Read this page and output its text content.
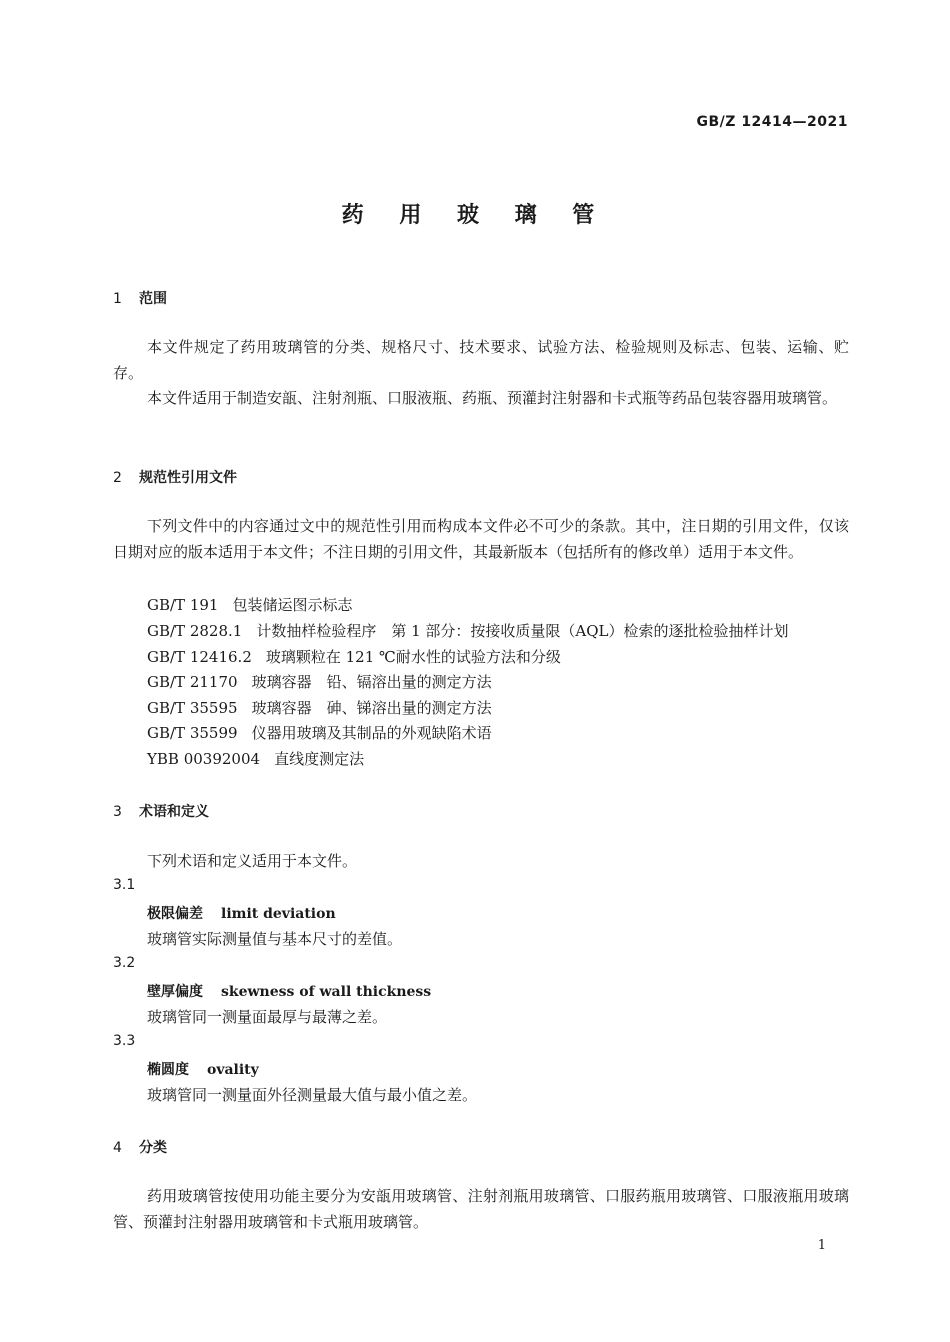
GB/Z 12414—2021
药 用 玻 璃 管
1 范围
本文件规定了药用玻璃管的分类、规格尺寸、技术要求、试验方法、检验规则及标志、包装、运输、贮存。
本文件适用于制造安瓿、注射剂瓶、口服液瓶、药瓶、预灌封注射器和卡式瓶等药品包装容器用玻璃管。
2 规范性引用文件
下列文件中的内容通过文中的规范性引用而构成本文件必不可少的条款。其中，注日期的引用文件，仅该日期对应的版本适用于本文件；不注日期的引用文件，其最新版本（包括所有的修改单）适用于本文件。
GB/T 191 包装储运图示标志
GB/T 2828.1 计数抽样检验程序　第 1 部分：按接收质量限（AQL）检索的逐批检验抽样计划
GB/T 12416.2 玻璃颗粒在 121 ℃耐水性的试验方法和分级
GB/T 21170 玻璃容器　铅、镉溶出量的测定方法
GB/T 35595 玻璃容器　砷、锑溶出量的测定方法
GB/T 35599 仪器用玻璃及其制品的外观缺陷术语
YBB 00392004 直线度测定法
3 术语和定义
下列术语和定义适用于本文件。
3.1
极限偏差 limit deviation
玻璃管实际测量值与基本尺寸的差值。
3.2
壁厚偏度 skewness of wall thickness
玻璃管同一测量面最厚与最薄之差。
3.3
椭圆度 ovality
玻璃管同一测量面外径测量最大值与最小值之差。
4 分类
药用玻璃管按使用功能主要分为安瓿用玻璃管、注射剂瓶用玻璃管、口服药瓶用玻璃管、口服液瓶用玻璃管、预灌封注射器用玻璃管和卡式瓶用玻璃管。
1
